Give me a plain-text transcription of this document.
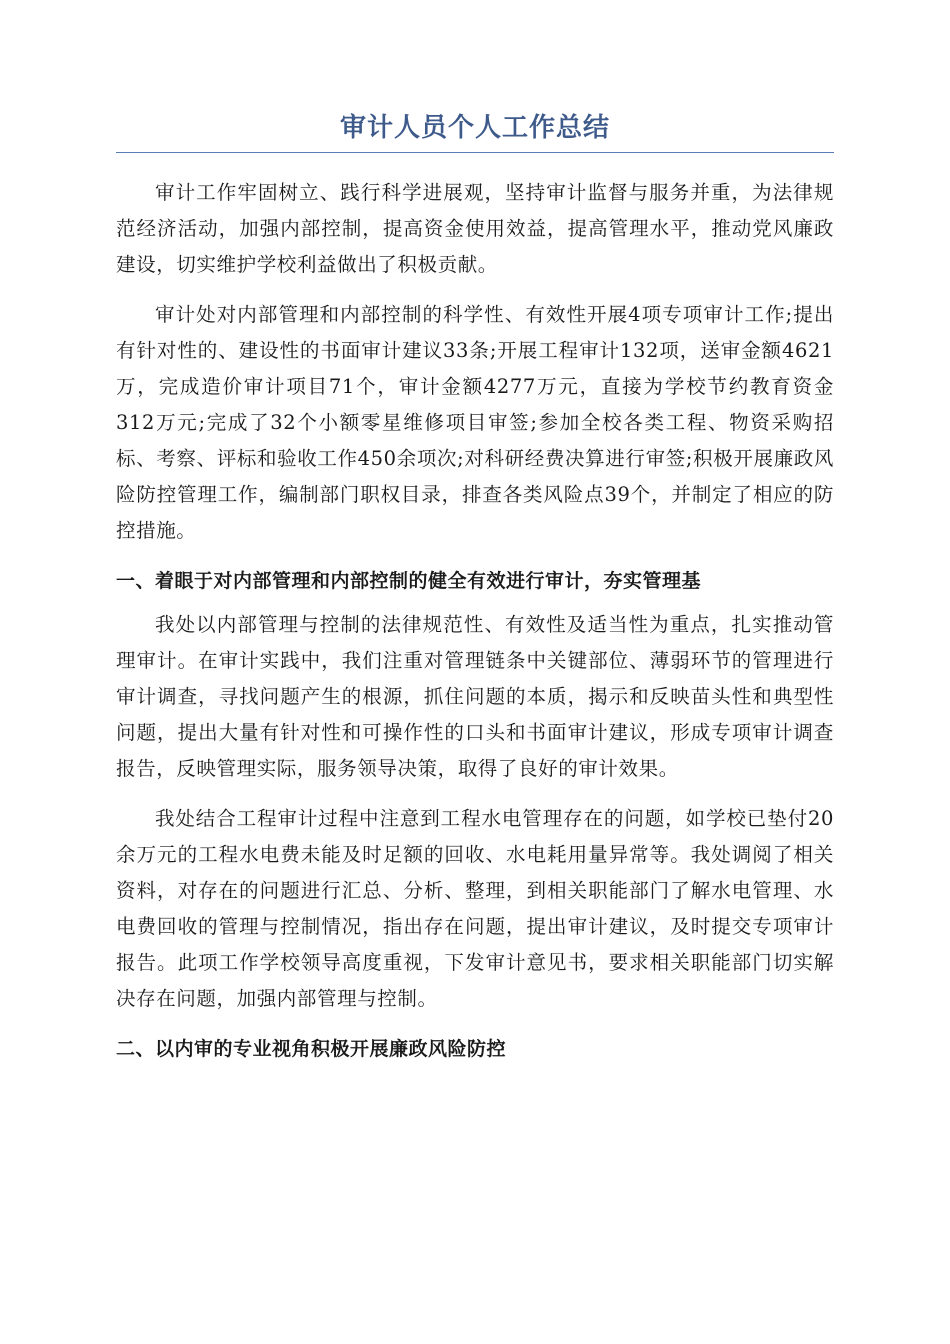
审计人员个人工作总结

审计工作牢固树立、践行科学进展观，坚持审计监督与服务并重，为法律规范经济活动，加强内部控制，提高资金使用效益，提高管理水平，推动党风廉政建设，切实维护学校利益做出了积极贡献。

审计处对内部管理和内部控制的科学性、有效性开展4项专项审计工作;提出有针对性的、建设性的书面审计建议33条;开展工程审计132项，送审金额4621万，完成造价审计项目71个，审计金额4277万元，直接为学校节约教育资金312万元;完成了32个小额零星维修项目审签;参加全校各类工程、物资采购招标、考察、评标和验收工作450余项次;对科研经费决算进行审签;积极开展廉政风险防控管理工作，编制部门职权目录，排查各类风险点39个，并制定了相应的防控措施。

一、着眼于对内部管理和内部控制的健全有效进行审计，夯实管理基

我处以内部管理与控制的法律规范性、有效性及适当性为重点，扎实推动管理审计。在审计实践中，我们注重对管理链条中关键部位、薄弱环节的管理进行审计调查，寻找问题产生的根源，抓住问题的本质，揭示和反映苗头性和典型性问题，提出大量有针对性和可操作性的口头和书面审计建议，形成专项审计调查报告，反映管理实际，服务领导决策，取得了良好的审计效果。

我处结合工程审计过程中注意到工程水电管理存在的问题，如学校已垫付20余万元的工程水电费未能及时足额的回收、水电耗用量异常等。我处调阅了相关资料，对存在的问题进行汇总、分析、整理，到相关职能部门了解水电管理、水电费回收的管理与控制情况，指出存在问题，提出审计建议，及时提交专项审计报告。此项工作学校领导高度重视，下发审计意见书，要求相关职能部门切实解决存在问题，加强内部管理与控制。

二、以内审的专业视角积极开展廉政风险防控
